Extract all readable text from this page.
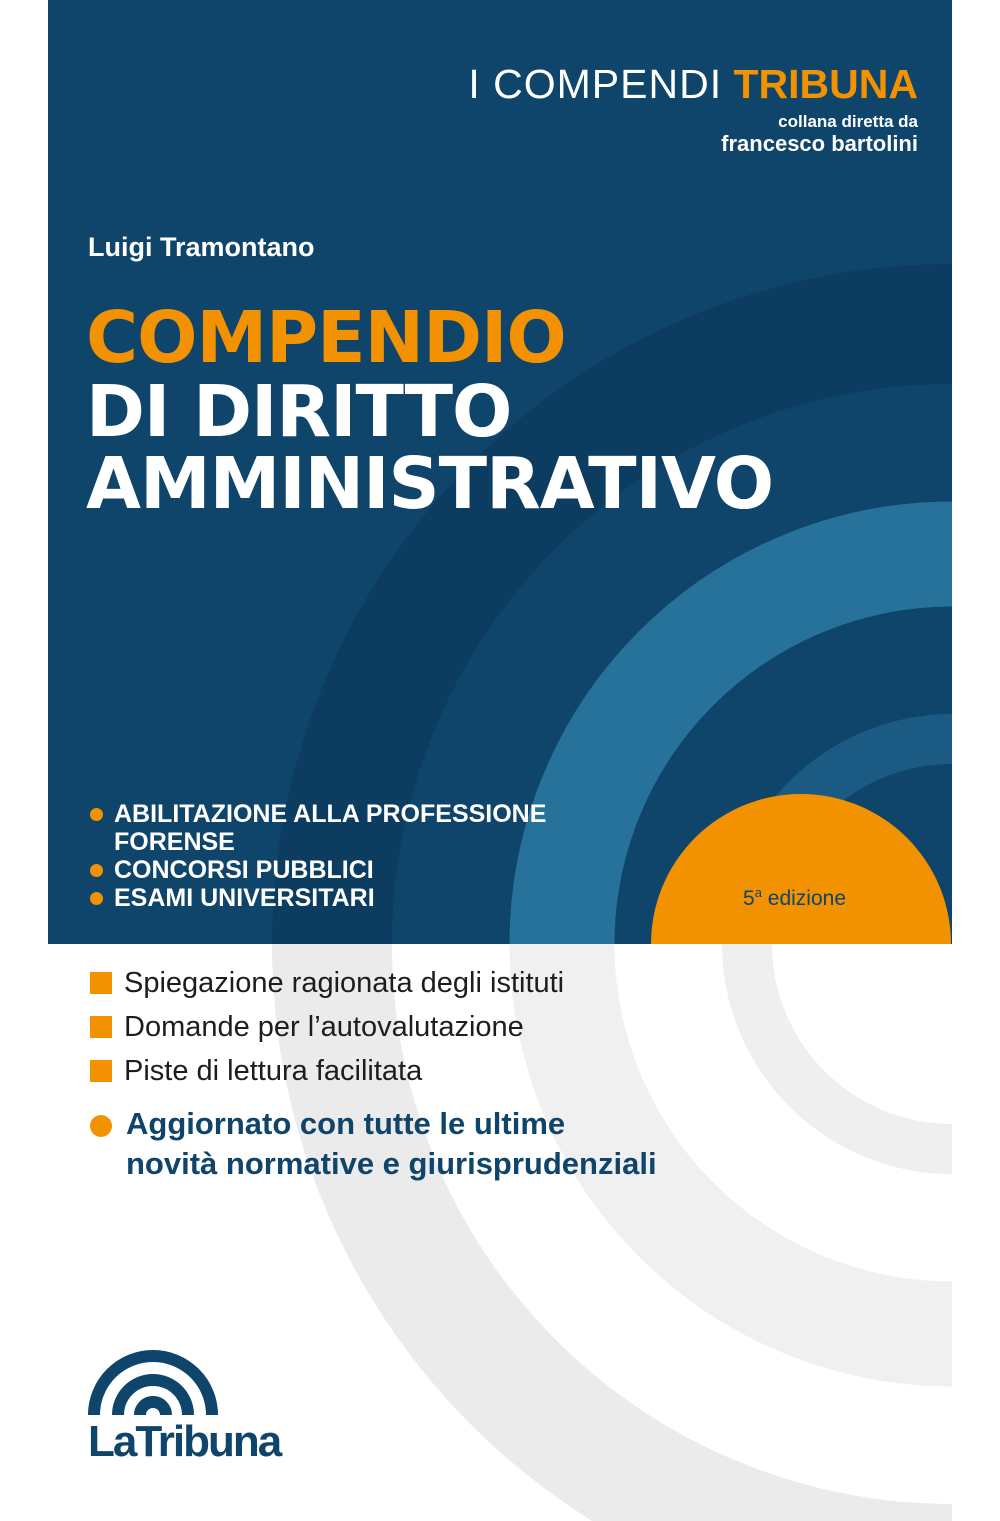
I COMPENDI TRIBUNA
collana diretta da
francesco bartolini
Luigi Tramontano
COMPENDIO
DI DIRITTO
AMMINISTRATIVO
ABILITAZIONE ALLA PROFESSIONE
FORENSE
CONCORSI PUBBLICI
ESAMI UNIVERSITARI	5$^a$ edizione
Spiegazione ragionata degli istituti
Domande per l’autovalutazione
Piste di lettura facilitata
Aggiornato con tutte le ultime
novità normative e giurisprudenziali
LaTribuna
